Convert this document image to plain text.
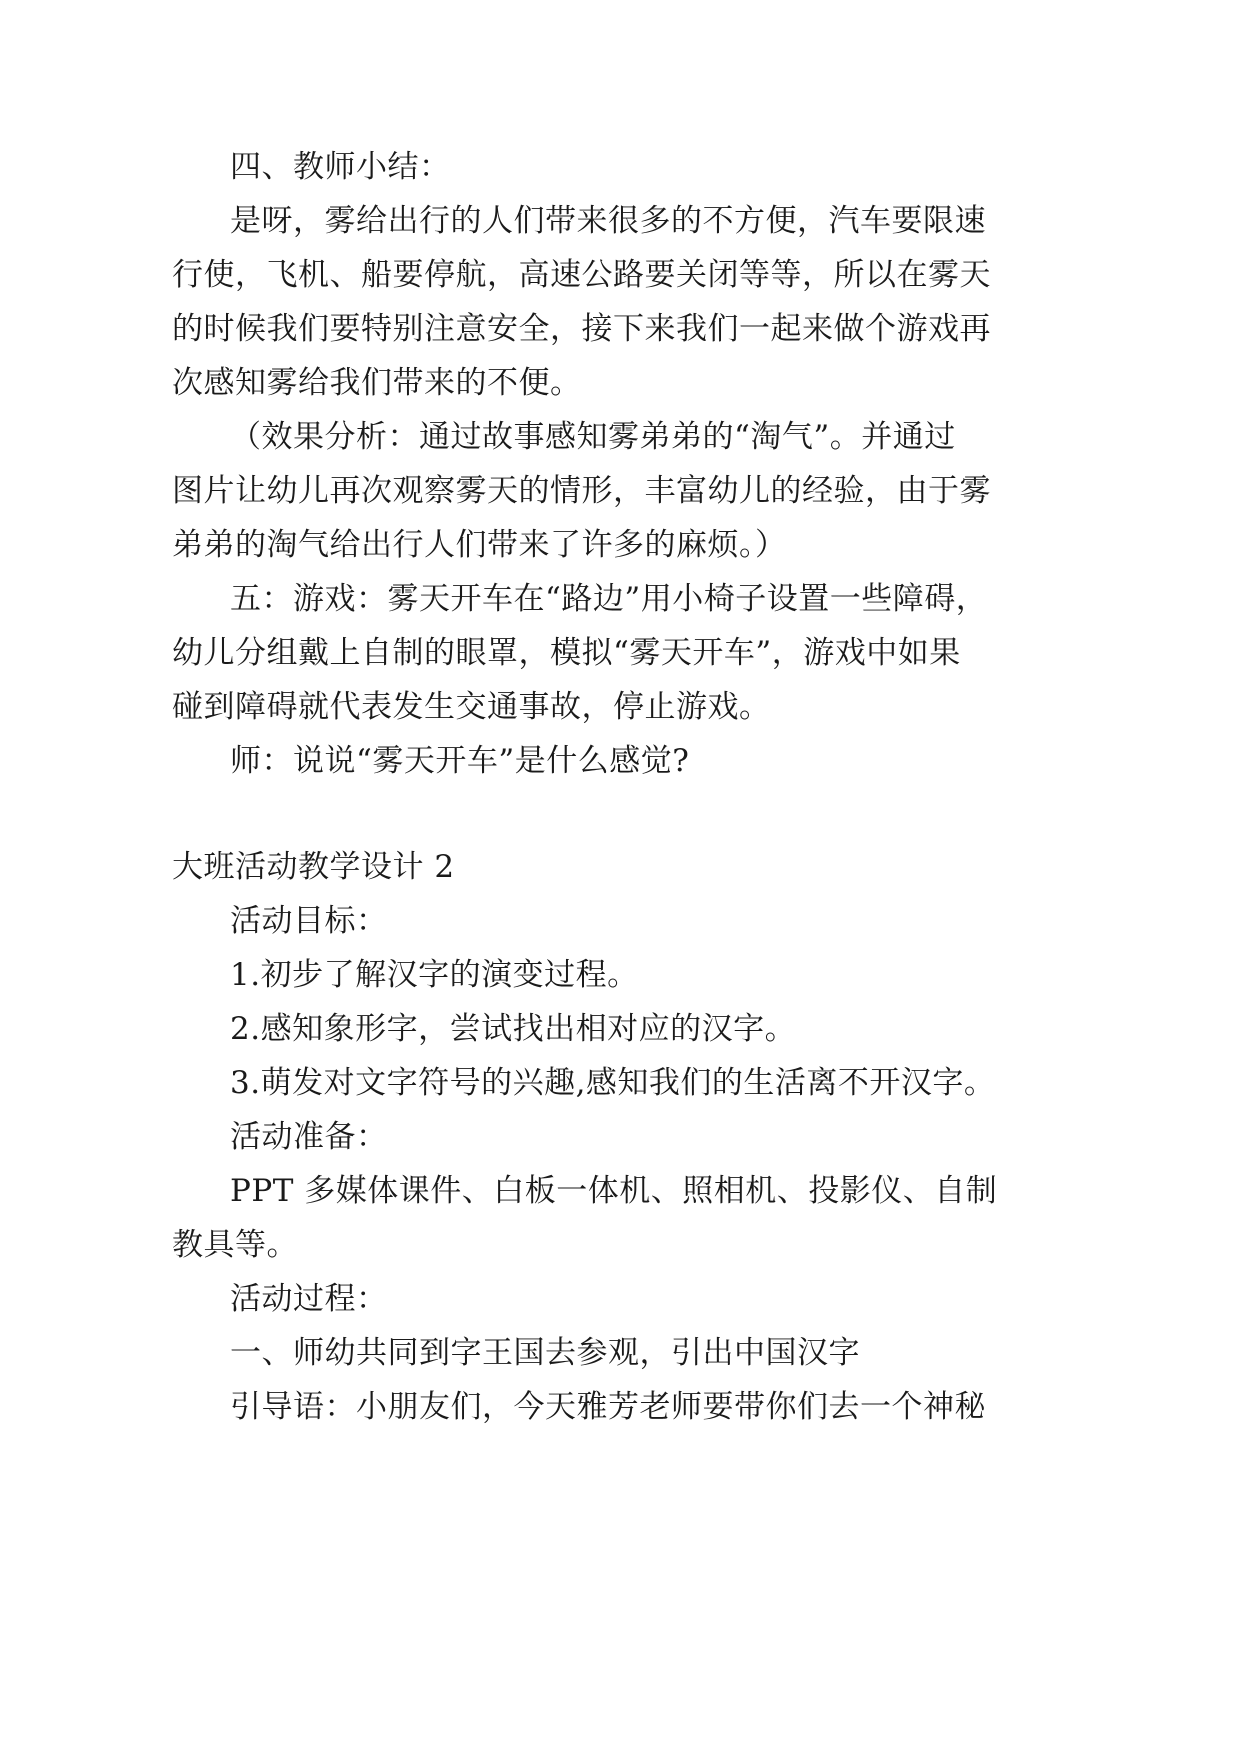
四、教师小结：
是呀，雾给出行的人们带来很多的不方便，汽车要限速
行使，飞机、船要停航，高速公路要关闭等等，所以在雾天
的时候我们要特别注意安全，接下来我们一起来做个游戏再
次感知雾给我们带来的不便。
（效果分析：通过故事感知雾弟弟的“淘气”。并通过
图片让幼儿再次观察雾天的情形，丰富幼儿的经验，由于雾
弟弟的淘气给出行人们带来了许多的麻烦。）
五：游戏：雾天开车在“路边”用小椅子设置一些障碍，
幼儿分组戴上自制的眼罩，模拟“雾天开车”，游戏中如果
碰到障碍就代表发生交通事故，停止游戏。
师：说说“雾天开车”是什么感觉?
大班活动教学设计 2
活动目标：
1.初步了解汉字的演变过程。
2.感知象形字，尝试找出相对应的汉字。
3.萌发对文字符号的兴趣,感知我们的生活离不开汉字。
活动准备：
PPT 多媒体课件、白板一体机、照相机、投影仪、自制
教具等。
活动过程：
一、师幼共同到字王国去参观，引出中国汉字
引导语：小朋友们，今天雅芳老师要带你们去一个神秘
